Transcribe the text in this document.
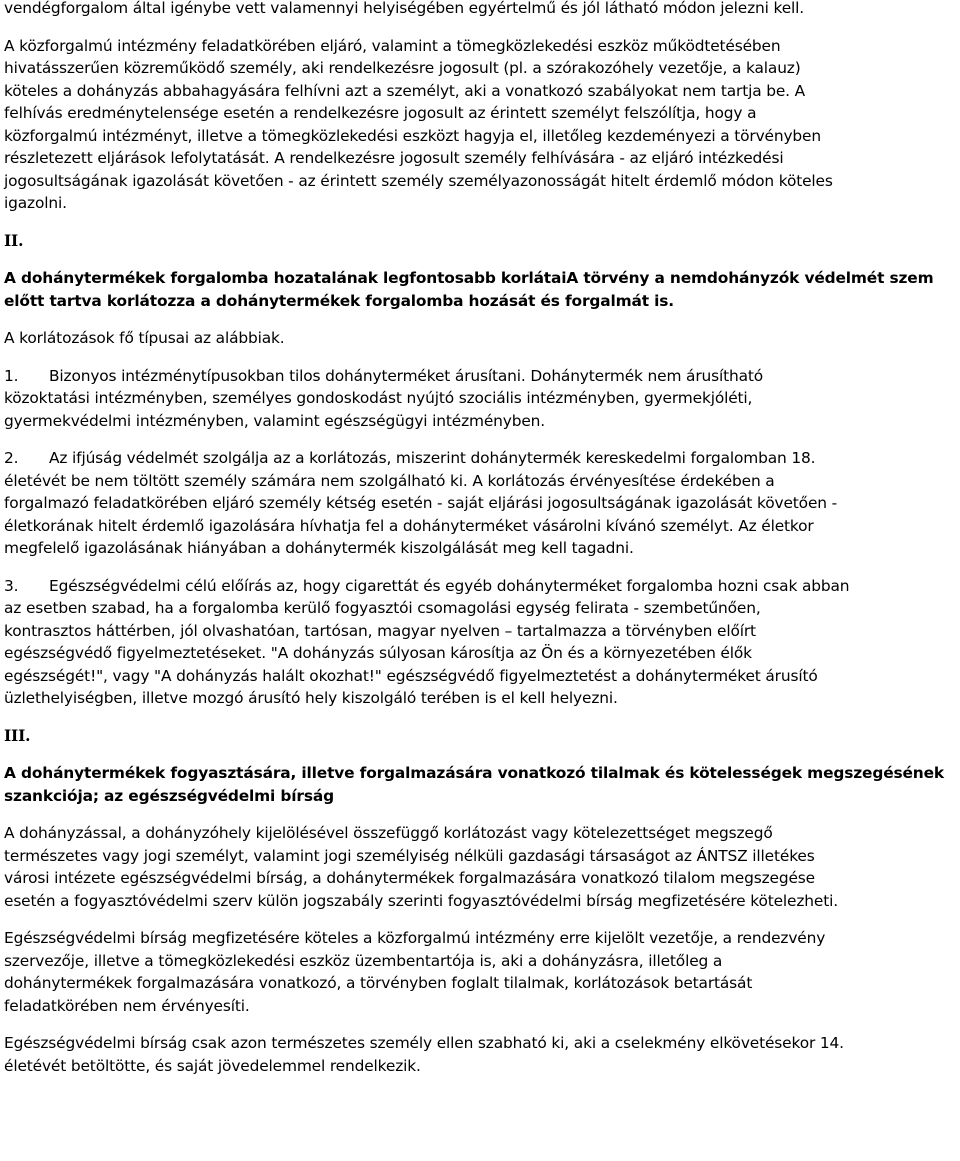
vendégforgalom által igénybe vett valamennyi helyiségében egyértelmű és jól látható módon jelezni kell.

A közforgalmú intézmény feladatkörében eljáró, valamint a tömegközlekedési eszköz működtetésében
hivatásszerűen közreműködő személy, aki rendelkezésre jogosult (pl. a szórakozóhely vezetője, a kalauz)
köteles a dohányzás abbahagyására felhívni azt a személyt, aki a vonatkozó szabályokat nem tartja be. A
felhívás eredménytelensége esetén a rendelkezésre jogosult az érintett személyt felszólítja, hogy a
közforgalmú intézményt, illetve a tömegközlekedési eszközt hagyja el, illetőleg kezdeményezi a törvényben
részletezett eljárások lefolytatását. A rendelkezésre jogosult személy felhívására - az eljáró intézkedési
jogosultságának igazolását követően - az érintett személy személyazonosságát hitelt érdemlő módon köteles
igazolni.

II.

A dohánytermékek forgalomba hozatalának legfontosabb korlátaiA törvény a nemdohányzók védelmét szem
előtt tartva korlátozza a dohánytermékek forgalomba hozását és forgalmát is.

A korlátozások fő típusai az alábbiak.

1. Bizonyos intézménytípusokban tilos dohányterméket árusítani. Dohánytermék nem árusítható
közoktatási intézményben, személyes gondoskodást nyújtó szociális intézményben, gyermekjóléti,
gyermekvédelmi intézményben, valamint egészségügyi intézményben.

2. Az ifjúság védelmét szolgálja az a korlátozás, miszerint dohánytermék kereskedelmi forgalomban 18.
életévét be nem töltött személy számára nem szolgálható ki. A korlátozás érvényesítése érdekében a
forgalmazó feladatkörében eljáró személy kétség esetén - saját eljárási jogosultságának igazolását követően -
életkorának hitelt érdemlő igazolására hívhatja fel a dohányterméket vásárolni kívánó személyt. Az életkor
megfelelő igazolásának hiányában a dohánytermék kiszolgálását meg kell tagadni.

3. Egészségvédelmi célú előírás az, hogy cigarettát és egyéb dohányterméket forgalomba hozni csak abban
az esetben szabad, ha a forgalomba kerülő fogyasztói csomagolási egység felirata - szembetűnően,
kontrasztos háttérben, jól olvashatóan, tartósan, magyar nyelven – tartalmazza a törvényben előírt
egészségvédő figyelmeztetéseket. "A dohányzás súlyosan károsítja az Ön és a környezetében élők
egészségét!", vagy "A dohányzás halált okozhat!" egészségvédő figyelmeztetést a dohányterméket árusító
üzlethelyiségben, illetve mozgó árusító hely kiszolgáló terében is el kell helyezni.

III.

A dohánytermékek fogyasztására, illetve forgalmazására vonatkozó tilalmak és kötelességek megszegésének
szankciója; az egészségvédelmi bírság

A dohányzással, a dohányzóhely kijelölésével összefüggő korlátozást vagy kötelezettséget megszegő
természetes vagy jogi személyt, valamint jogi személyiség nélküli gazdasági társaságot az ÁNTSZ illetékes
városi intézete egészségvédelmi bírság, a dohánytermékek forgalmazására vonatkozó tilalom megszegése
esetén a fogyasztóvédelmi szerv külön jogszabály szerinti fogyasztóvédelmi bírság megfizetésére kötelezheti.

Egészségvédelmi bírság megfizetésére köteles a közforgalmú intézmény erre kijelölt vezetője, a rendezvény
szervezője, illetve a tömegközlekedési eszköz üzembentartója is, aki a dohányzásra, illetőleg a
dohánytermékek forgalmazására vonatkozó, a törvényben foglalt tilalmak, korlátozások betartását
feladatkörében nem érvényesíti.

Egészségvédelmi bírság csak azon természetes személy ellen szabható ki, aki a cselekmény elkövetésekor 14.
életévét betöltötte, és saját jövedelemmel rendelkezik.
